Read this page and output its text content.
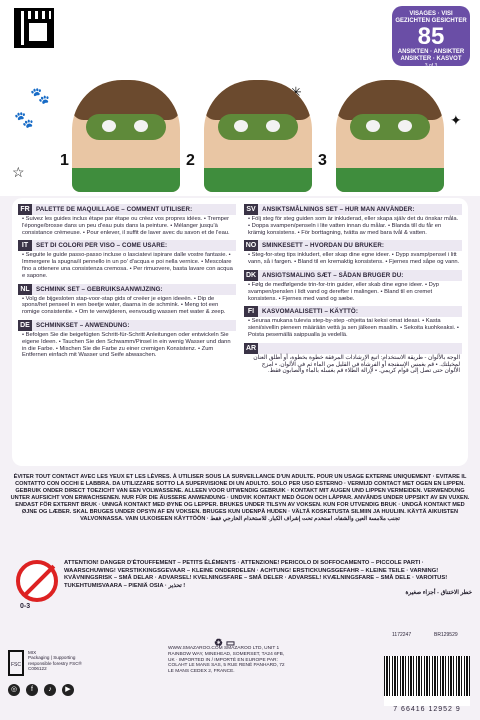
VISAGES · VISI GEZICHTEN GESICHTER
85
ANSIKTEN · ANSIKTER ANSIKTER · KASVOT
3 of 3
🐾
🐾
☆
✦
1	2	3
FR	PALETTE DE MAQUILLAGE – COMMENT UTILISER:
• Suivez les guides inclus étape par étape ou créez vos propres idées. • Tremper l'éponge/brosse dans un peu d'eau puis dans la peinture. • Mélanger jusqu'à consistance crémeuse. • Pour enlever, il suffit de laver avec du savon et de l'eau.
IT	SET DI COLORI PER VISO – COME USARE:
• Seguite le guide passo-passo incluse o lasciatevi ispirare dalle vostre fantasie. • Immergere la spugna/il pennello in un po' d'acqua e poi nella vernice. • Mescolare fino a ottenere una consistenza cremosa. • Per rimuovere, basta lavare con acqua e sapone.
NL	SCHMINK SET – GEBRUIKSAANWIJZING:
• Volg de bijgesloten stap-voor-stap gids of creëer je eigen ideeën. • Dip de spons/het penseel in een beetje water, daarna in de schmink. • Meng tot een romige consistentie. • Om te verwijderen, eenvoudig wassen met water & zeep.
DE SCHMINKSET – ANWENDUNG:
• Befolgen Sie die beigefügten Schritt-für-Schritt Anleitungen oder entwickeln Sie eigene Ideen. • Tauchen Sie den Schwamm/Pinsel in ein wenig Wasser und dann in die Farbe. • Mischen Sie die Farbe zu einer cremigen Konsistenz. • Zum Entfernen einfach mit Wasser und Seife abwaschen.
SV	ANSIKTSMÅLNINGS SET – HUR MAN ANVÄNDER:
• Följ steg för steg guiden som är inkluderad, eller skapa själv det du önskar måla. • Doppa svampen/penseln i lite vatten innan du målar. • Blanda till du får en krämig konsistens. • För borttagning, tvätta av med bara tvål & vatten.
NO SMINKESETT – HVORDAN DU BRUKER:
• Steg-for-steg tips inkludert, eller skap dine egne ideer. • Dypp svamp/pensel i litt vann, så i fargen. • Bland til en kremaktig konsistens. • Fjernes med såpe og vann.
DK ANSIGTSMALING SÆT – SÅDAN BRUGER DU:
• Følg de medfølgende trin-for-trin guider, eller skab dine egne ideer. • Dyp svampen/penslen i lidt vand og derefter i malingen. • Bland til en cremet konsistens. • Fjernes med vand og sæbe.
FI	KASVOMAALISETTI – KÄYTTÖ:
• Seuraa mukana tulevia step-by-step -ohjeita tai keksi omat ideasi. • Kasta sieni/sivellin pieneen määrään vettä ja sen jälkeen maaliin. • Sekoita kuohkeaksi. • Poista pesemällä saippualla ja vedellä.
AR
الوجه بالألوان - طريقة الاستخدام: اتبع الإرشادات المرفقة خطوة بخطوة، أو أطلق العنان لمخيلتك. • قم بغمس الإسفنجة أو الفرشاة في القليل من الماء ثم في الألوان. • امزج الألوان حتى تصل إلى قوام كريمي. • لإزالة الطلاء قم بغسله بالماء والصابون فقط.
ÉVITER TOUT CONTACT AVEC LES YEUX ET LES LÈVRES. À UTILISER SOUS LA SURVEILLANCE D'UN ADULTE. POUR UN USAGE EXTERNE UNIQUEMENT · EVITARE IL CONTATTO CON OCCHI E LABBRA. DA UTILIZZARE SOTTO LA SUPERVISIONE DI UN ADULTO. SOLO PER USO ESTERNO · VERMIJD CONTACT MET OGEN EN LIPPEN. GEBRUIK ONDER DIRECT TOEZICHT VAN EEN VOLWASSENE. ALLEEN VOOR UITWENDIG GEBRUIK · KONTAKT MIT AUGEN UND LIPPEN VERMEIDEN. VERWENDUNG UNTER AUFSICHT VON ERWACHSENEN. NUR FÜR DIE ÄUSSERE ANWENDUNG · UNDVIK KONTAKT MED ÖGON OCH LÄPPAR. ANVÄNDS UNDER UPPSIKT AV EN VUXEN. ENDAST FÖR EXTERNT BRUK · UNNGÅ KONTAKT MED ØYNE OG LEPPER. BRUKES UNDER TILSYN AV VOKSEN. KUN FOR UTVENDIG BRUK · UNDGÅ KONTAKT MED ØJNE OG LÆBER. SKAL BRUGES UNDER OPSYN AF EN VOKSEN. BRUGES KUN UDENPÅ HUDEN · VÄLTÄ KOSKETUSTA SILMIIN JA HUULIIN. KÄYTÄ AIKUISTEN VALVONNASSA. VAIN ULKOISEEN KÄYTTÖÖN · تجنب ملامسة العين والشفاه. استخدم تحت إشراف الكبار. للاستخدام الخارجي فقط
0-3
ATTENTION! DANGER D'ÉTOUFFEMENT – PETITS ÉLÉMENTS · ATTENZIONE! PERICOLO DI SOFFOCAMENTO – PICCOLE PARTI · WAARSCHUWING! VERSTIKKINGSGEVAAR – KLEINE ONDERDELEN · ACHTUNG! ERSTICKUNGSGEFAHR – KLEINE TEILE · VARNING! KVÄVNINGSRISK – SMÅ DELAR · ADVARSEL! KVELNINGSFARE – SMÅ DELER · ADVARSEL! KVÆLNINGSFARE – SMÅ DELE · VAROITUS! TUKEHTUMISVAARA – PIENIÄ OSIA · تحذير !
خطر الاختناق - أجزاء صغيرة
FSC
MIX
Packaging | Supporting responsible forestry FSC® C006122
◎	f	♪	▶
♻ ▭
WWW.SMAZAROO.COM SMAZAROO LTD, UNIT 1 RAINBOW WAY, MINEHEAD, SOMERSET, TA24 6FB, UK · IMPORTED IN / IMPORTÉ EN EUROPE PAR: COLAHT LE MANS SAS, 5 RUE RENÉ PANHARD, 72 LE MANS CEDEX 2, FRANCE.
1172247	BR129529
7 66416 12952 9
